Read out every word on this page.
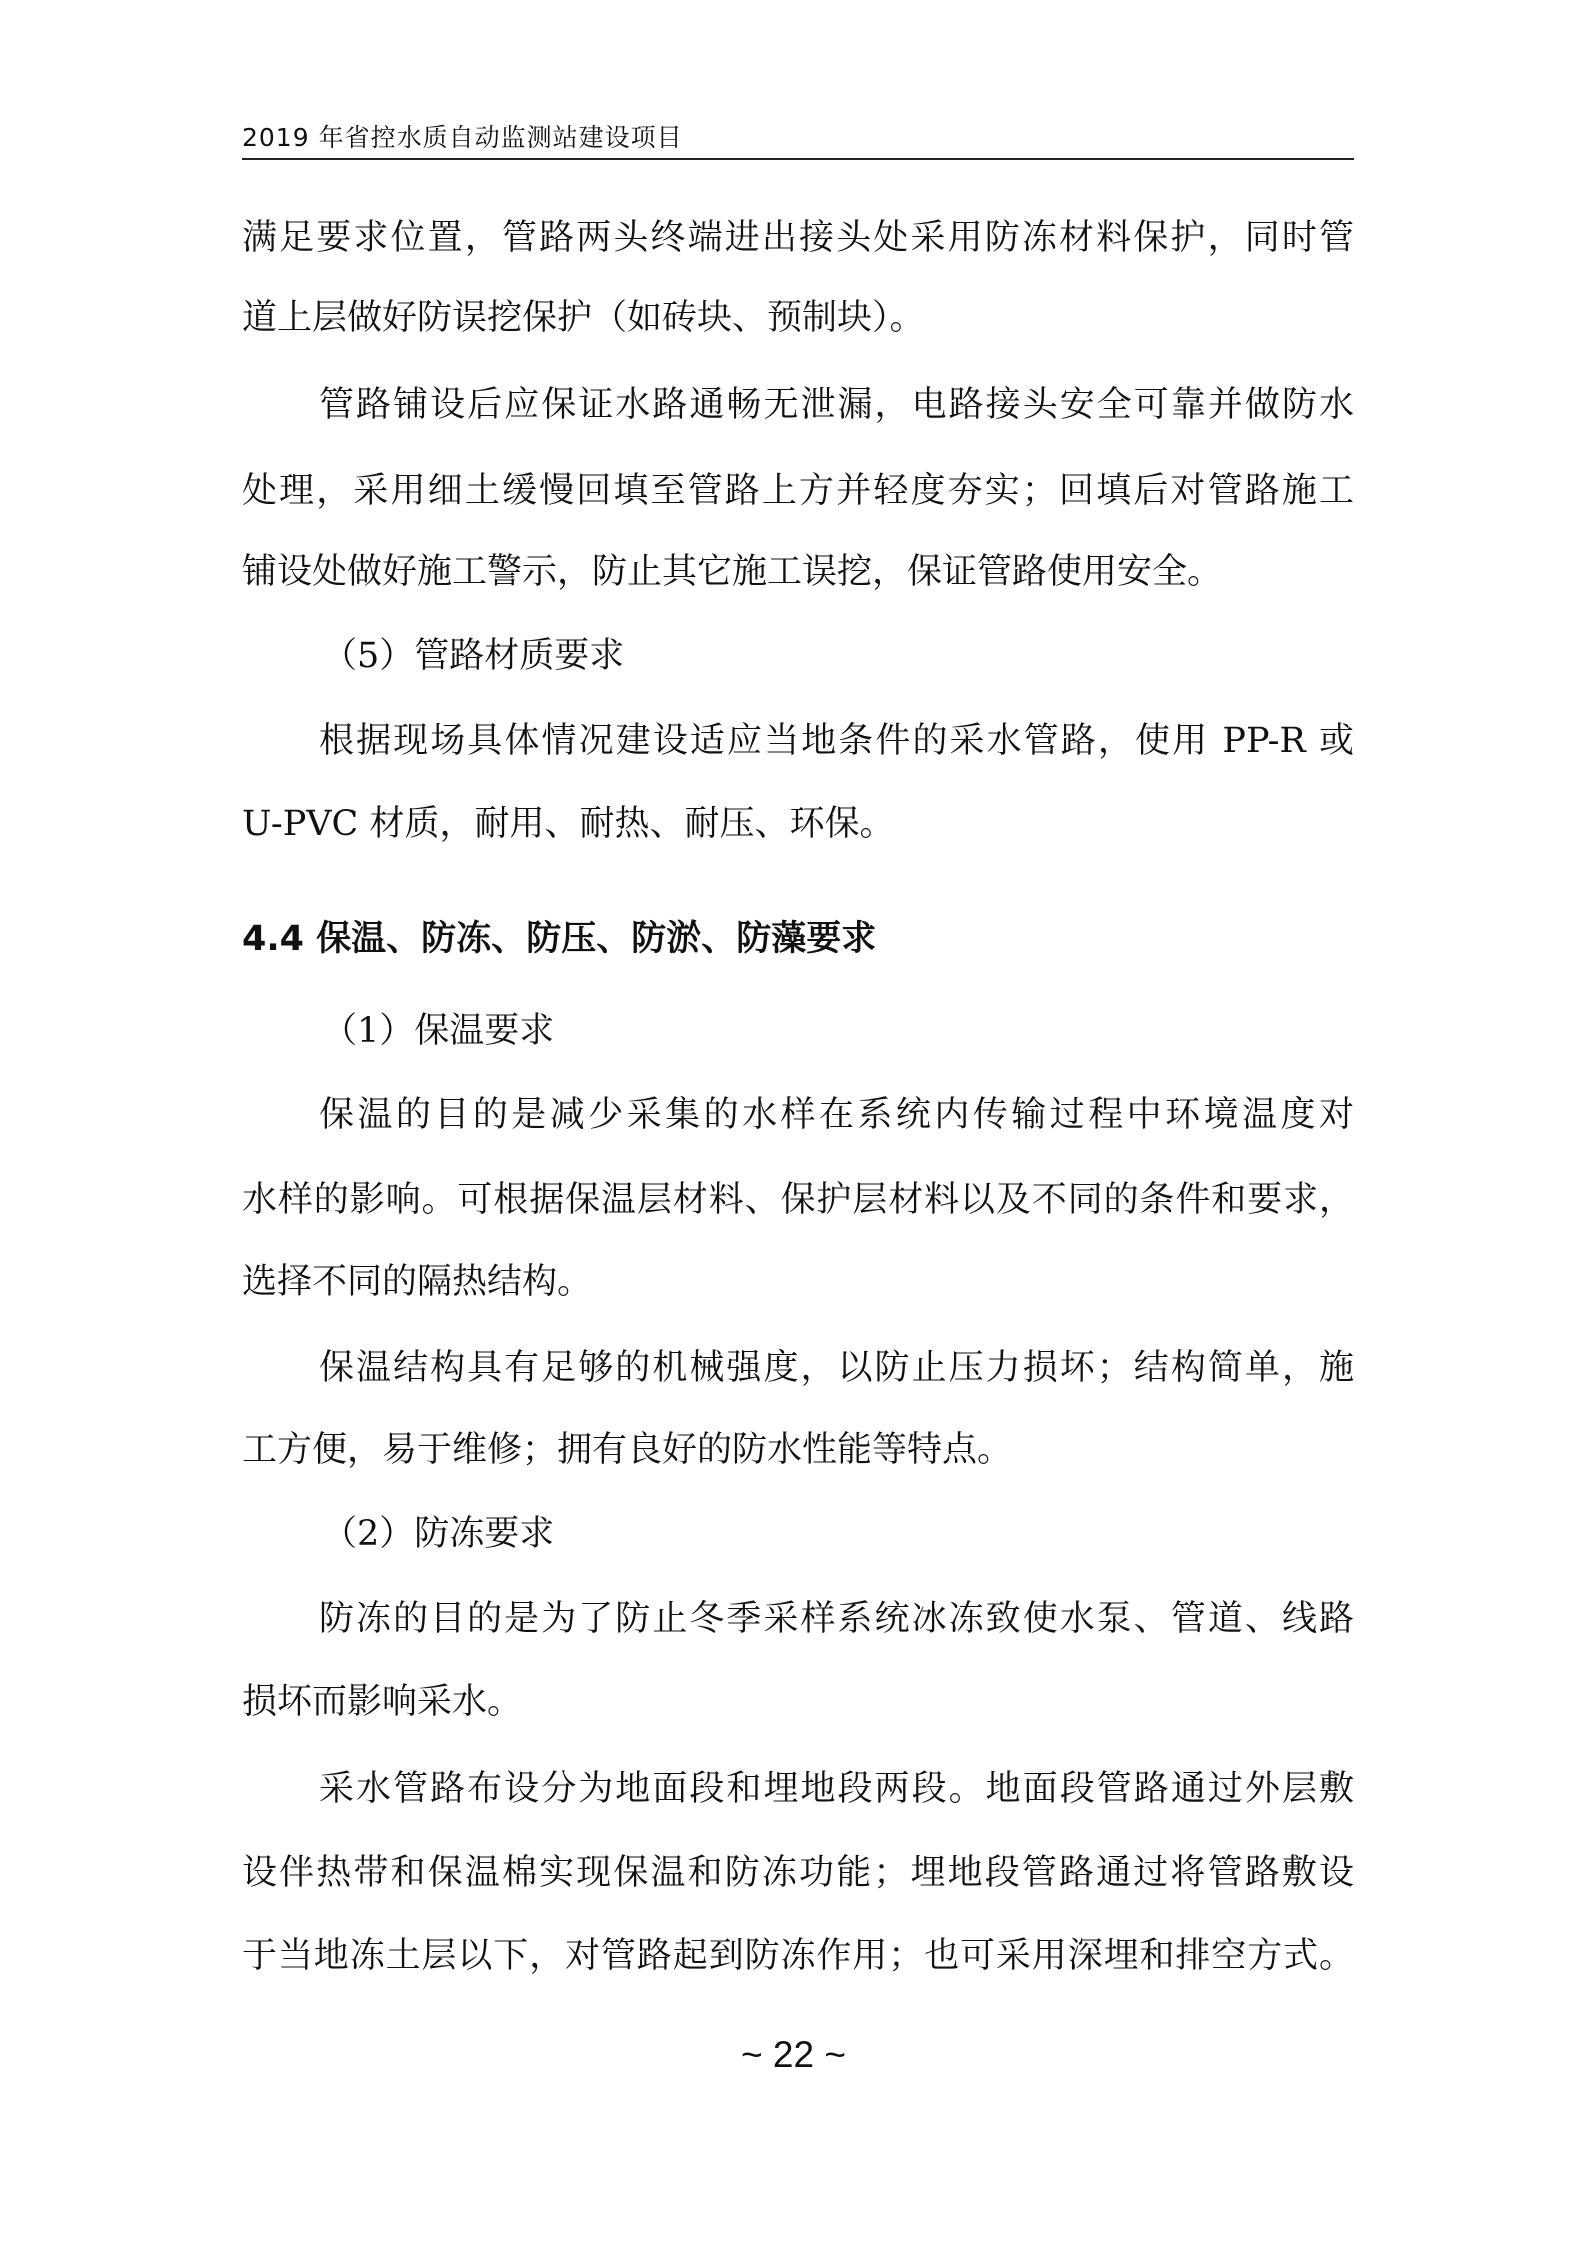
2019 年省控水质自动监测站建设项目
满足要求位置，管路两头终端进出接头处采用防冻材料保护，同时管
道上层做好防误挖保护（如砖块、预制块）。
管路铺设后应保证水路通畅无泄漏，电路接头安全可靠并做防水
处理，采用细土缓慢回填至管路上方并轻度夯实；回填后对管路施工
铺设处做好施工警示，防止其它施工误挖，保证管路使用安全。
（5）管路材质要求
根据现场具体情况建设适应当地条件的采水管路，使用 PP-R 或
U-PVC 材质，耐用、耐热、耐压、环保。
4.4 保温、防冻、防压、防淤、防藻要求
（1）保温要求
保温的目的是减少采集的水样在系统内传输过程中环境温度对
水样的影响。可根据保温层材料、保护层材料以及不同的条件和要求，
选择不同的隔热结构。
保温结构具有足够的机械强度，以防止压力损坏；结构简单，施
工方便，易于维修；拥有良好的防水性能等特点。
（2）防冻要求
防冻的目的是为了防止冬季采样系统冰冻致使水泵、管道、线路
损坏而影响采水。
采水管路布设分为地面段和埋地段两段。地面段管路通过外层敷
设伴热带和保温棉实现保温和防冻功能；埋地段管路通过将管路敷设
于当地冻土层以下，对管路起到防冻作用；也可采用深埋和排空方式。
~ 22 ~
